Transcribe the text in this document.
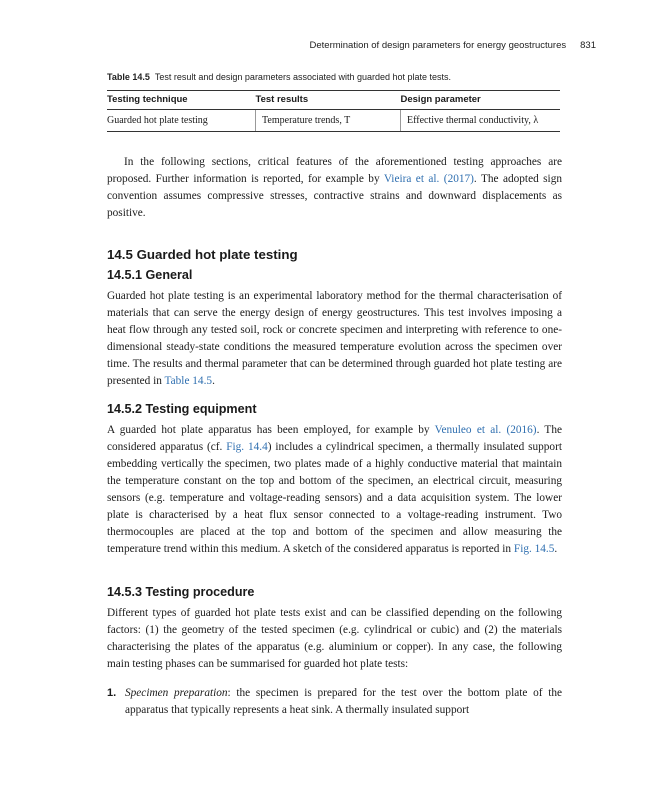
Determination of design parameters for energy geostructures 831
Table 14.5 Test result and design parameters associated with guarded hot plate tests.
Testing technique	Test results	Design parameter
Guarded hot plate testing	Temperature trends, T	Effective thermal conductivity, λ

In the following sections, critical features of the aforementioned testing approaches are proposed. Further information is reported, for example by Vieira et al. (2017). The adopted sign convention assumes compressive stresses, contractive strains and downward displacements as positive.

14.5 Guarded hot plate testing
14.5.1 General

Guarded hot plate testing is an experimental laboratory method for the thermal characterisation of materials that can serve the energy design of energy geostructures. This test involves imposing a heat flow through any tested soil, rock or concrete specimen and interpreting with reference to one-dimensional steady-state conditions the measured temperature evolution across the specimen over time. The results and thermal parameter that can be determined through guarded hot plate testing are presented in Table 14.5.

14.5.2 Testing equipment

A guarded hot plate apparatus has been employed, for example by Venuleo et al. (2016). The considered apparatus (cf. Fig. 14.4) includes a cylindrical specimen, a thermally insulated support embedding vertically the specimen, two plates made of a highly conductive material that maintain the temperature constant on the top and bottom of the specimen, an electrical circuit, measuring sensors (e.g. temperature and voltage-reading sensors) and a data acquisition system. The lower plate is characterised by a heat flux sensor connected to a voltage-reading instrument. Two thermocouples are placed at the top and bottom of the specimen and allow measuring the temperature trend within this medium. A sketch of the considered apparatus is reported in Fig. 14.5.

14.5.3 Testing procedure

Different types of guarded hot plate tests exist and can be classified depending on the following factors: (1) the geometry of the tested specimen (e.g. cylindrical or cubic) and (2) the materials characterising the plates of the apparatus (e.g. aluminium or copper). In any case, the following main testing phases can be summarised for guarded hot plate tests:

1. Specimen preparation: the specimen is prepared for the test over the bottom plate of the apparatus that typically represents a heat sink. A thermally insulated support
